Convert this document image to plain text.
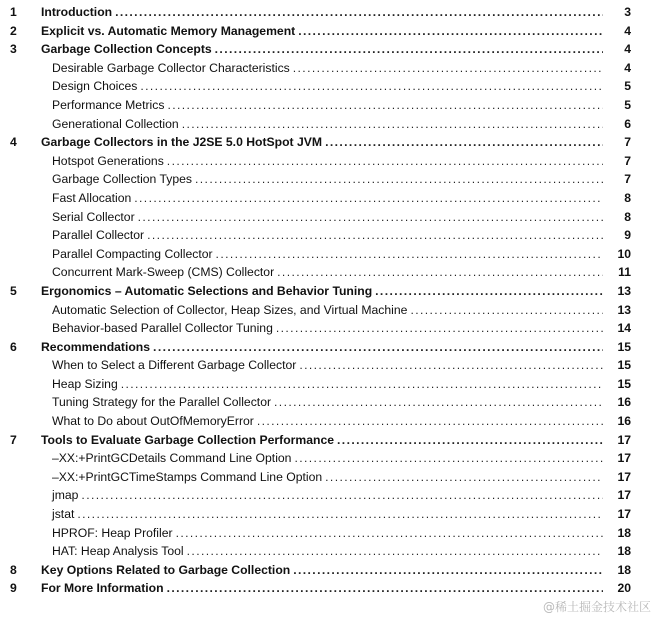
1	Introduction . . .	3
2	Explicit vs. Automatic Memory Management . . .	4
3	Garbage Collection Concepts . . .	4
Desirable Garbage Collector Characteristics . . .	4
Design Choices . . .	5
Performance Metrics . . .	5
Generational Collection . . .	6
4	Garbage Collectors in the J2SE 5.0 HotSpot JVM . . .	7
Hotspot Generations . . .	7
Garbage Collection Types . . .	7
Fast Allocation . . .	8
Serial Collector . . .	8
Parallel Collector . . .	9
Parallel Compacting Collector . . .	10
Concurrent Mark-Sweep (CMS) Collector . . .	11
5	Ergonomics – Automatic Selections and Behavior Tuning . . .	13
Automatic Selection of Collector, Heap Sizes, and Virtual Machine . . .	13
Behavior-based Parallel Collector Tuning . . .	14
6	Recommendations . . .	15
When to Select a Different Garbage Collector . . .	15
Heap Sizing . . .	15
Tuning Strategy for the Parallel Collector . . .	16
What to Do about OutOfMemoryError . . .	16
7	Tools to Evaluate Garbage Collection Performance . . .	17
–XX:+PrintGCDetails Command Line Option . . .	17
–XX:+PrintGCTimeStamps Command Line Option . . .	17
jmap . . .	17
jstat . . .	17
HPROF: Heap Profiler . . .	18
HAT: Heap Analysis Tool . . .	18
8	Key Options Related to Garbage Collection . . .	18
9	For More Information . . .	20
@稀土掘金技术社区
